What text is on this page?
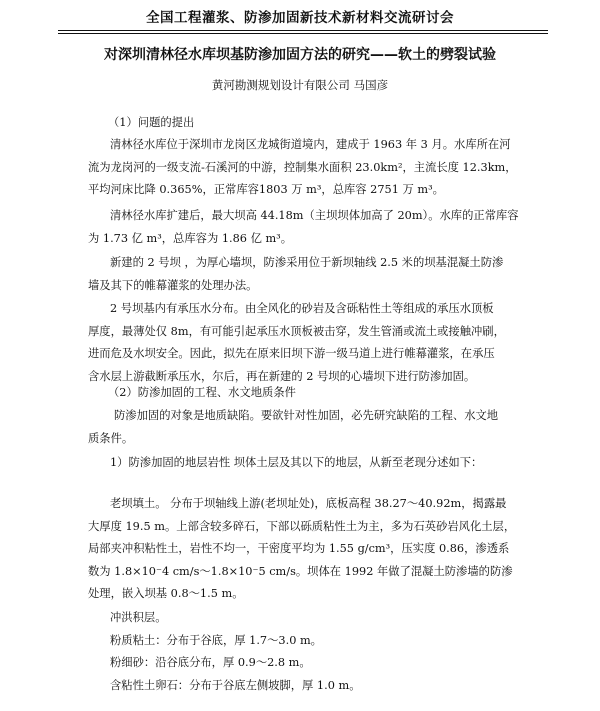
全国工程灌浆、防渗加固新技术新材料交流研讨会
对深圳清林径水库坝基防渗加固方法的研究——软土的劈裂试验
黄河勘测规划设计有限公司 马国彦
（1）问题的提出
清林径水库位于深圳市龙岗区龙城街道境内，建成于 1963 年 3 月。水库所在河
流为龙岗河的一级支流-石溪河的中游，控制集水面积 23.0km²，主流长度 12.3km，
平均河床比降 0.365%，正常库容1803 万 m³，总库容 2751 万 m³。
清林径水库扩建后，最大坝高 44.18m（主坝坝体加高了 20m）。水库的正常库容
为 1.73 亿 m³，总库容为 1.86 亿 m³。
新建的 2 号坝 ，为厚心墙坝，防渗采用位于新坝轴线 2.5 米的坝基混凝土防渗
墙及其下的帷幕灌浆的处理办法。
2 号坝基内有承压水分布。由全风化的砂岩及含砾粘性土等组成的承压水顶板
厚度，最薄处仅 8m，有可能引起承压水顶板被击穿，发生管涌或流土或接触冲刷，
进而危及水坝安全。因此，拟先在原来旧坝下游一级马道上进行帷幕灌浆，在承压
含水层上游截断承压水，尔后，再在新建的 2 号坝的心墙坝下进行防渗加固。
（2）防渗加固的工程、水文地质条件
防渗加固的对象是地质缺陷。要欲针对性加固，必先研究缺陷的工程、水文地
质条件。
1）防渗加固的地层岩性 坝体土层及其以下的地层，从新至老现分述如下：
老坝填土。 分布于坝轴线上游(老坝址处)，底板高程 38.27～40.92m，揭露最
大厚度 19.5 m。上部含较多碎石，下部以砾质粘性土为主，多为石英砂岩风化土层，
局部夹冲积粘性土，岩性不均一，干密度平均为 1.55 g/cm³，压实度 0.86，渗透系
数为 1.8×10⁻4 cm/s～1.8×10⁻5 cm/s。坝体在 1992 年做了混凝土防渗墙的防渗
处理，嵌入坝基 0.8～1.5 m。
冲洪积层。
粉质粘土：分布于谷底，厚 1.7～3.0 m。
粉细砂：沿谷底分布，厚 0.9～2.8 m。
含粘性土卵石：分布于谷底左侧坡脚，厚 1.0 m。
